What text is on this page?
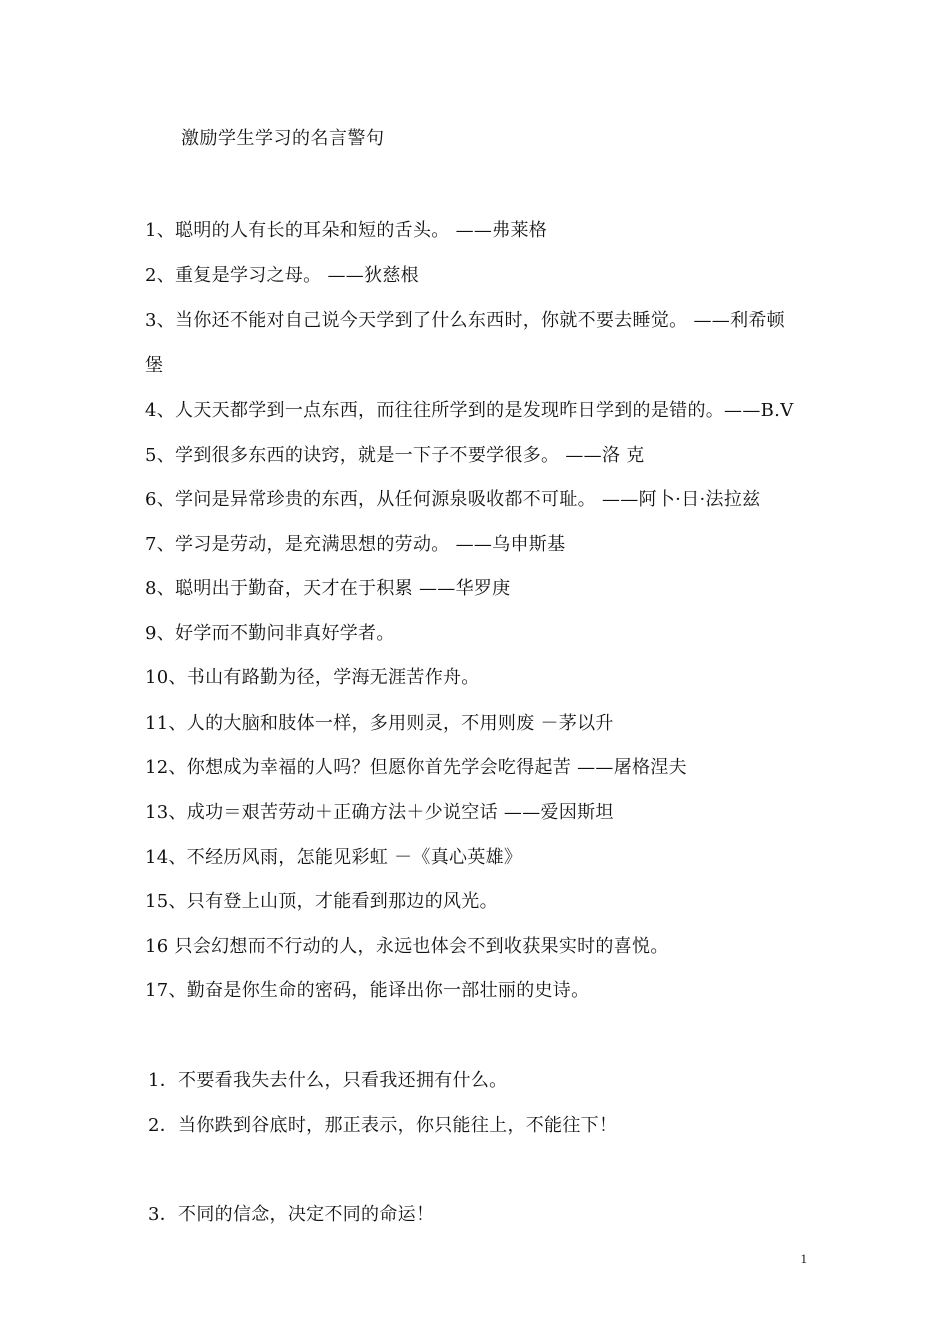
激励学生学习的名言警句
1、聪明的人有长的耳朵和短的舌头。 ——弗莱格
2、重复是学习之母。 ——狄慈根
3、当你还不能对自己说今天学到了什么东西时，你就不要去睡觉。 ——利希顿
堡
4、人天天都学到一点东西，而往往所学到的是发现昨日学到的是错的。——B.V
5、学到很多东西的诀窍，就是一下子不要学很多。 ——洛 克
6、学问是异常珍贵的东西，从任何源泉吸收都不可耻。 ——阿卜·日·法拉兹
7、学习是劳动，是充满思想的劳动。 ——乌申斯基
8、聪明出于勤奋，天才在于积累 ——华罗庚
9、好学而不勤问非真好学者。
10、书山有路勤为径，学海无涯苦作舟。
11、人的大脑和肢体一样，多用则灵，不用则废 －茅以升
12、你想成为幸福的人吗？但愿你首先学会吃得起苦 ——屠格涅夫
13、成功＝艰苦劳动＋正确方法＋少说空话 ——爱因斯坦
14、不经历风雨，怎能见彩虹 －《真心英雄》
15、只有登上山顶，才能看到那边的风光。
16 只会幻想而不行动的人，永远也体会不到收获果实时的喜悦。
17、勤奋是你生命的密码，能译出你一部壮丽的史诗。
1．不要看我失去什么，只看我还拥有什么。
2．当你跌到谷底时，那正表示，你只能往上，不能往下！
3．不同的信念，决定不同的命运！
1
